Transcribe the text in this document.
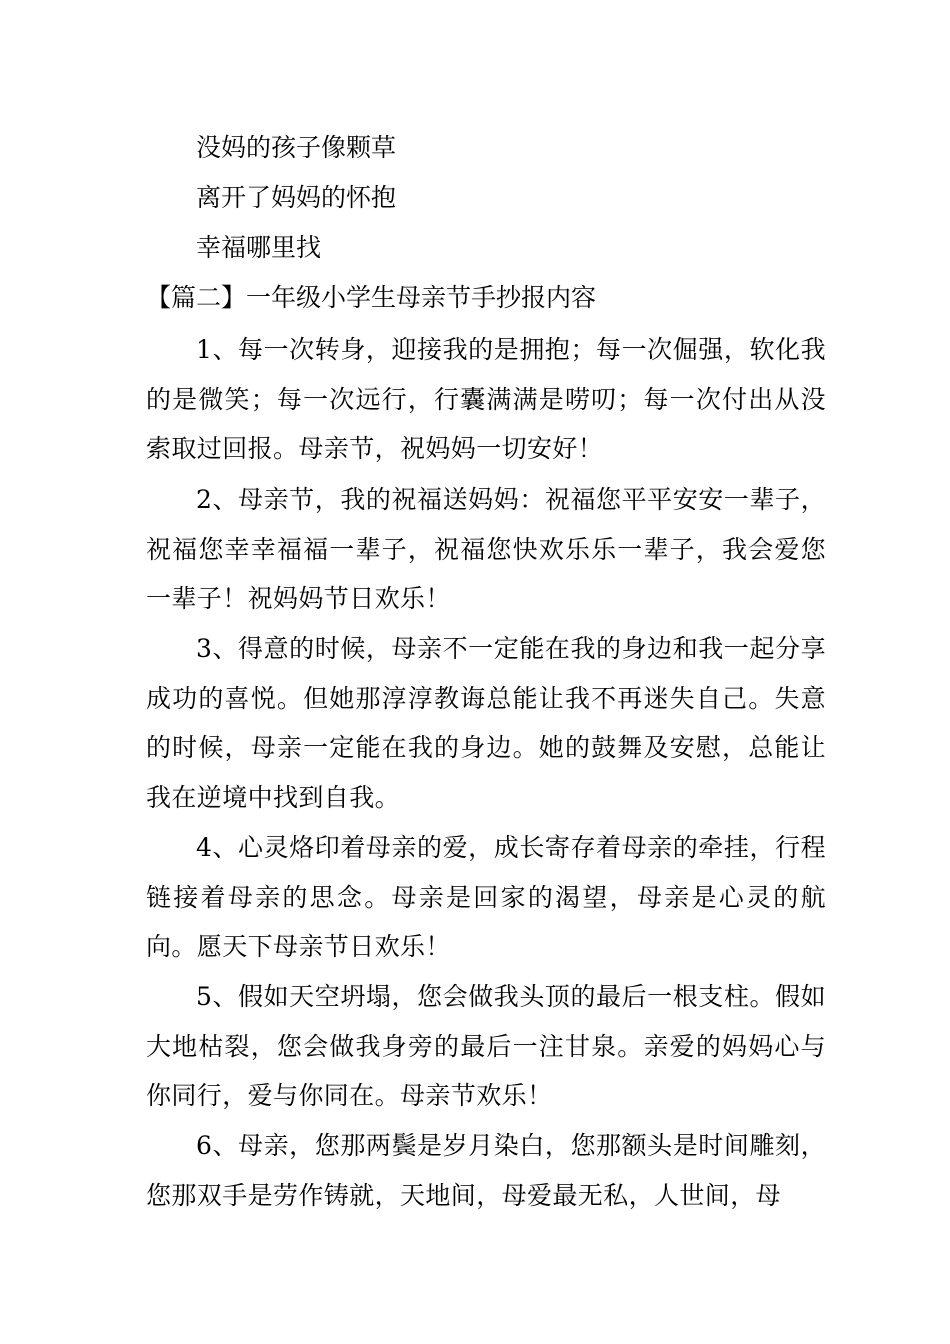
没妈的孩子像颗草
离开了妈妈的怀抱
幸福哪里找
【篇二】一年级小学生母亲节手抄报内容
1、每一次转身，迎接我的是拥抱；每一次倔强，软化我的是微笑；每一次远行，行囊满满是唠叨；每一次付出从没索取过回报。母亲节，祝妈妈一切安好！
2、母亲节，我的祝福送妈妈：祝福您平平安安一辈子，祝福您幸幸福福一辈子，祝福您快欢乐乐一辈子，我会爱您一辈子！祝妈妈节日欢乐！
3、得意的时候，母亲不一定能在我的身边和我一起分享成功的喜悦。但她那淳淳教诲总能让我不再迷失自己。失意的时候，母亲一定能在我的身边。她的鼓舞及安慰，总能让我在逆境中找到自我。
4、心灵烙印着母亲的爱，成长寄存着母亲的牵挂，行程链接着母亲的思念。母亲是回家的渴望，母亲是心灵的航向。愿天下母亲节日欢乐！
5、假如天空坍塌，您会做我头顶的最后一根支柱。假如大地枯裂，您会做我身旁的最后一注甘泉。亲爱的妈妈心与你同行，爱与你同在。母亲节欢乐！
6、母亲，您那两鬓是岁月染白，您那额头是时间雕刻，您那双手是劳作铸就，天地间，母爱最无私，人世间，母
